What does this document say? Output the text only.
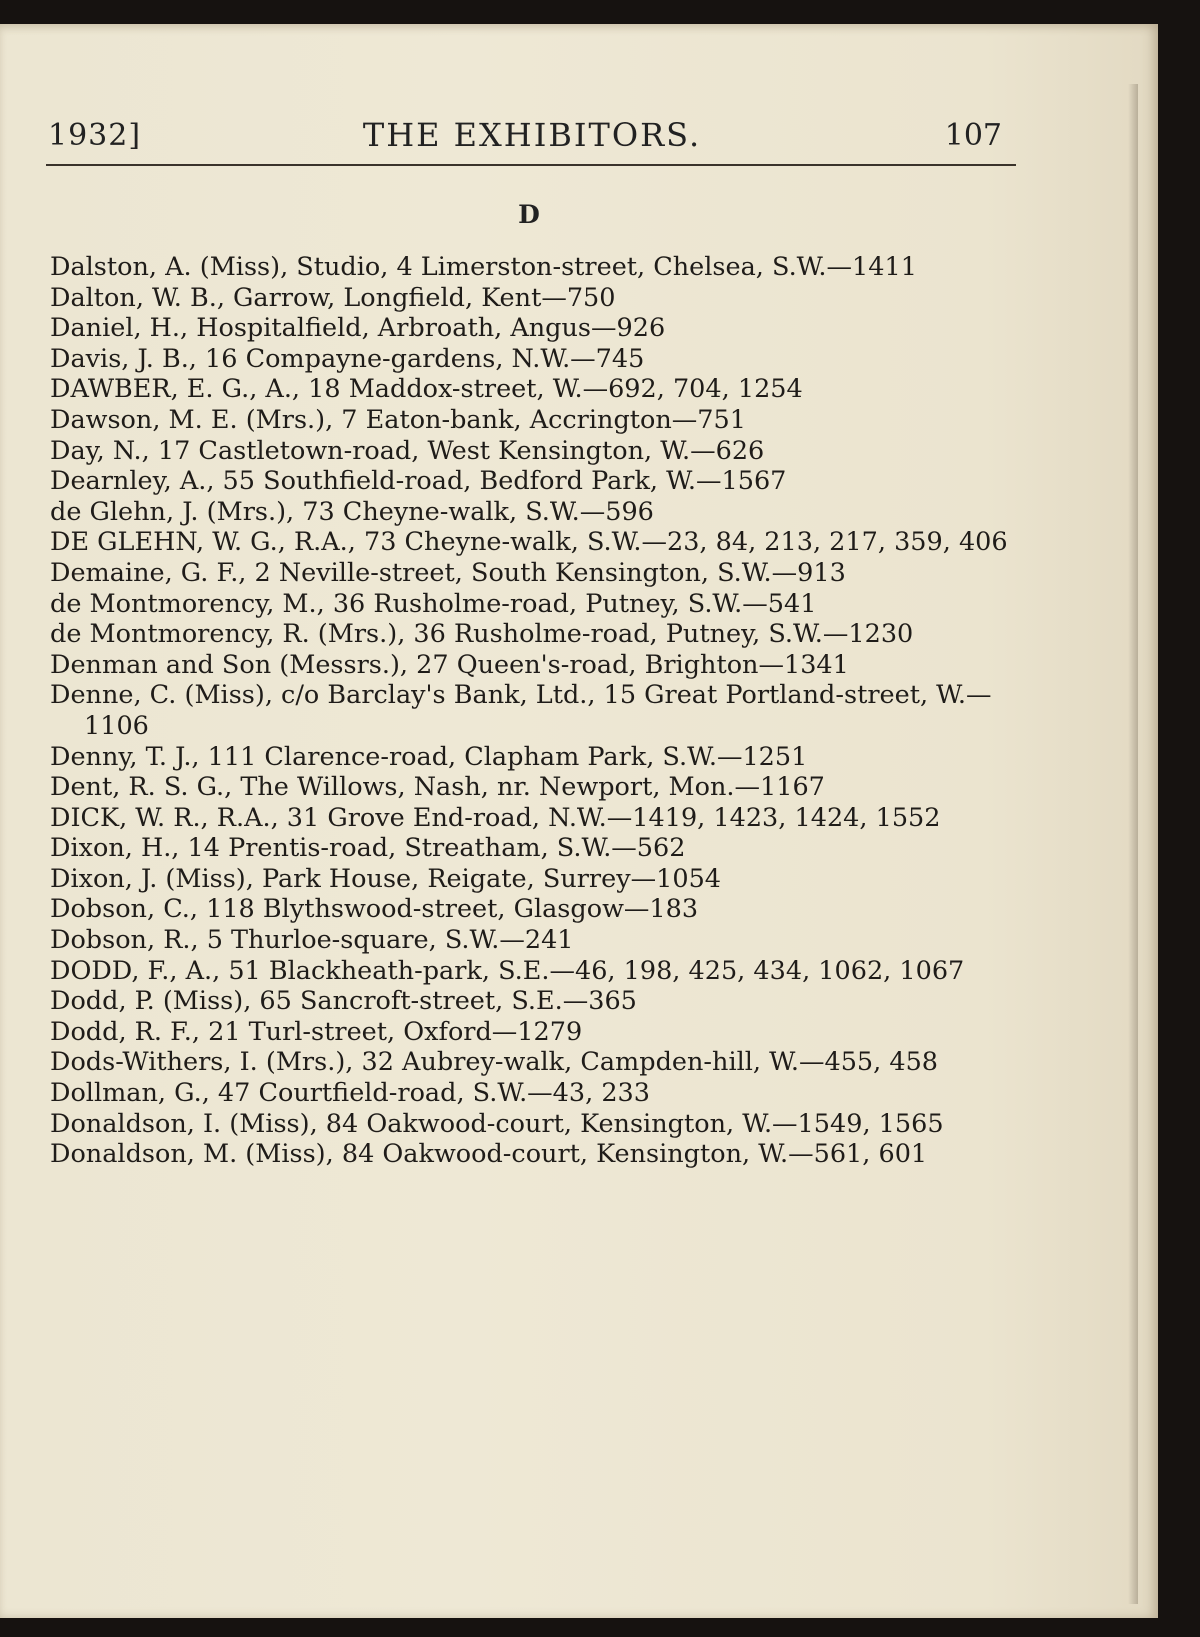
1932]	THE EXHIBITORS.	107
D
Dalston, A. (Miss), Studio, 4 Limerston-street, Chelsea, S.W.—1411
Dalton, W. B., Garrow, Longfield, Kent—750
Daniel, H., Hospitalfield, Arbroath, Angus—926
Davis, J. B., 16 Compayne-gardens, N.W.—745
DAWBER, E. G., A., 18 Maddox-street, W.—692, 704, 1254
Dawson, M. E. (Mrs.), 7 Eaton-bank, Accrington—751
Day, N., 17 Castletown-road, West Kensington, W.—626
Dearnley, A., 55 Southfield-road, Bedford Park, W.—1567
de Glehn, J. (Mrs.), 73 Cheyne-walk, S.W.—596
DE GLEHN, W. G., R.A., 73 Cheyne-walk, S.W.—23, 84, 213, 217, 359, 406
Demaine, G. F., 2 Neville-street, South Kensington, S.W.—913
de Montmorency, M., 36 Rusholme-road, Putney, S.W.—541
de Montmorency, R. (Mrs.), 36 Rusholme-road, Putney, S.W.—1230
Denman and Son (Messrs.), 27 Queen's-road, Brighton—1341
Denne, C. (Miss), c/o Barclay's Bank, Ltd., 15 Great Portland-street, W.—1106
Denny, T. J., 111 Clarence-road, Clapham Park, S.W.—1251
Dent, R. S. G., The Willows, Nash, nr. Newport, Mon.—1167
DICK, W. R., R.A., 31 Grove End-road, N.W.—1419, 1423, 1424, 1552
Dixon, H., 14 Prentis-road, Streatham, S.W.—562
Dixon, J. (Miss), Park House, Reigate, Surrey—1054
Dobson, C., 118 Blythswood-street, Glasgow—183
Dobson, R., 5 Thurloe-square, S.W.—241
DODD, F., A., 51 Blackheath-park, S.E.—46, 198, 425, 434, 1062, 1067
Dodd, P. (Miss), 65 Sancroft-street, S.E.—365
Dodd, R. F., 21 Turl-street, Oxford—1279
Dods-Withers, I. (Mrs.), 32 Aubrey-walk, Campden-hill, W.—455, 458
Dollman, G., 47 Courtfield-road, S.W.—43, 233
Donaldson, I. (Miss), 84 Oakwood-court, Kensington, W.—1549, 1565
Donaldson, M. (Miss), 84 Oakwood-court, Kensington, W.—561, 601
